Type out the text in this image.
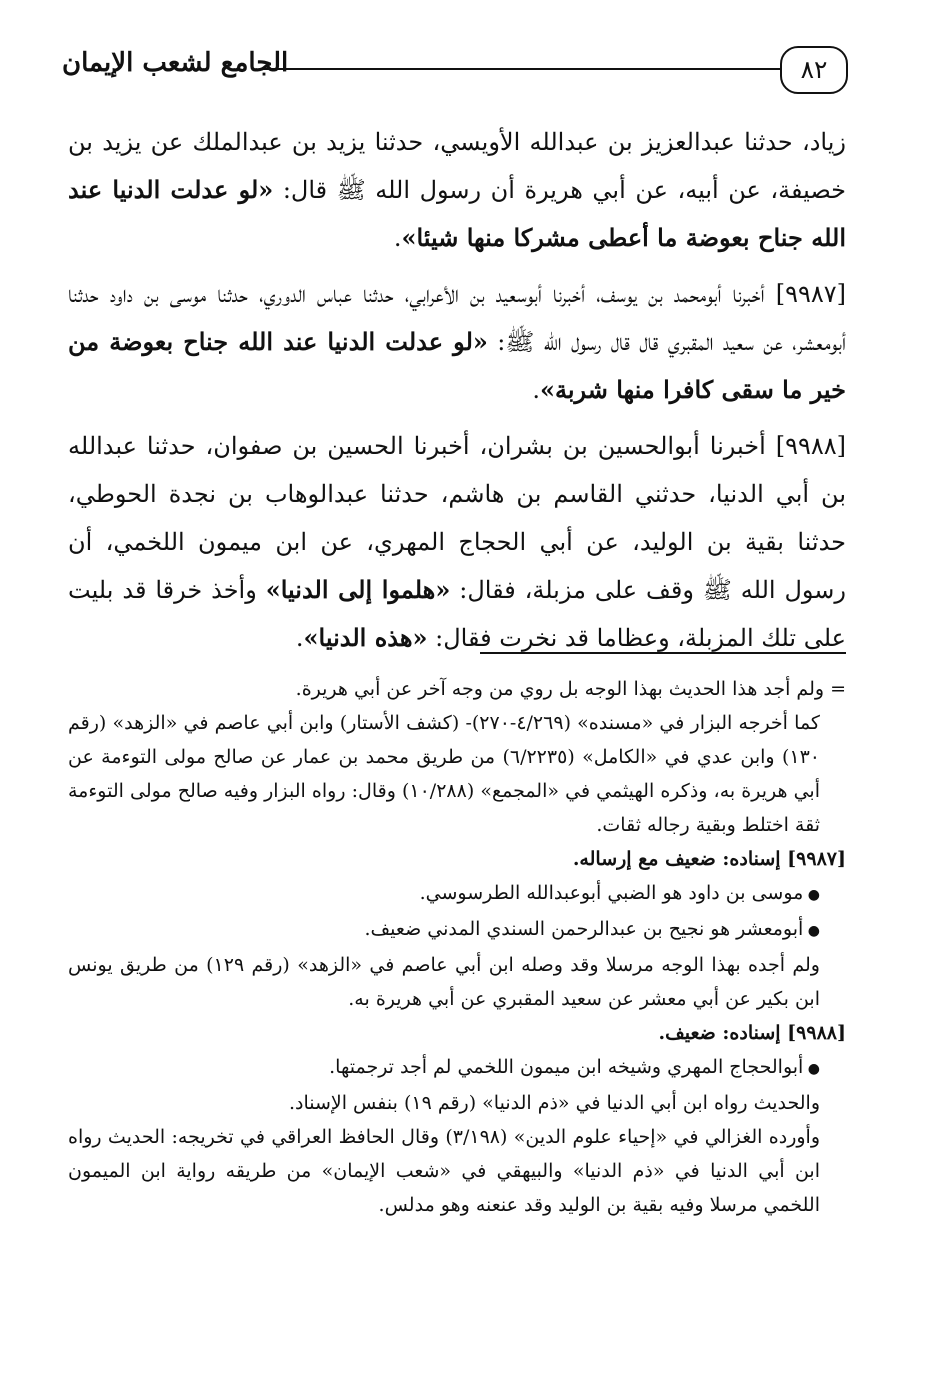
٨٢
الجامع لشعب الإيمان

زياد، حدثنا عبدالعزيز بن عبدالله الأويسي، حدثنا يزيد بن عبدالملك عن يزيد بن خصيفة، عن أبيه، عن أبي هريرة أن رسول الله ﷺ قال: «لو عدلت الدنيا عند الله جناح بعوضة ما أعطى مشركا منها شيئا».

[٩٩٨٧] أخبرنا أبومحمد بن يوسف، أخبرنا أبوسعيد بن الأعرابي، حدثنا عباس الدوري، حدثنا موسى بن داود حدثنا أبومعشر، عن سعيد المقبري قال قال رسول الله ﷺ: «لو عدلت الدنيا عند الله جناح بعوضة من خير ما سقى كافرا منها شربة».

[٩٩٨٨] أخبرنا أبوالحسين بن بشران، أخبرنا الحسين بن صفوان، حدثنا عبدالله بن أبي الدنيا، حدثني القاسم بن هاشم، حدثنا عبدالوهاب بن نجدة الحوطي، حدثنا بقية بن الوليد، عن أبي الحجاج المهري، عن ابن ميمون اللخمي، أن رسول الله ﷺ وقف على مزبلة، فقال: «هلموا إلى الدنيا» وأخذ خرقا قد بليت على تلك المزبلة، وعظاما قد نخرت فقال: «هذه الدنيا».

= ولم أجد هذا الحديث بهذا الوجه بل روي من وجه آخر عن أبي هريرة.

كما أخرجه البزار في «مسنده» (٤/٢٦٩-٢٧٠)- (كشف الأستار) وابن أبي عاصم في «الزهد» (رقم ١٣٠) وابن عدي في «الكامل» (٦/٢٢٣٥) من طريق محمد بن عمار عن صالح مولى التوءمة عن أبي هريرة به، وذكره الهيثمي في «المجمع» (١٠/٢٨٨) وقال: رواه البزار وفيه صالح مولى التوءمة ثقة اختلط وبقية رجاله ثقات.

[٩٩٨٧] إسناده: ضعيف مع إرساله.

● موسى بن داود هو الضبي أبوعبدالله الطرسوسي.

● أبومعشر هو نجيح بن عبدالرحمن السندي المدني ضعيف.

ولم أجده بهذا الوجه مرسلا وقد وصله ابن أبي عاصم في «الزهد» (رقم ١٢٩) من طريق يونس ابن بكير عن أبي معشر عن سعيد المقبري عن أبي هريرة به.

[٩٩٨٨] إسناده: ضعيف.

● أبوالحجاج المهري وشيخه ابن ميمون اللخمي لم أجد ترجمتها.

والحديث رواه ابن أبي الدنيا في «ذم الدنيا» (رقم ١٩) بنفس الإسناد.

وأورده الغزالي في «إحياء علوم الدين» (٣/١٩٨) وقال الحافظ العراقي في تخريجه: الحديث رواه ابن أبي الدنيا في «ذم الدنيا» والبيهقي في «شعب الإيمان» من طريقه رواية ابن الميمون اللخمي مرسلا وفيه بقية بن الوليد وقد عنعنه وهو مدلس.
